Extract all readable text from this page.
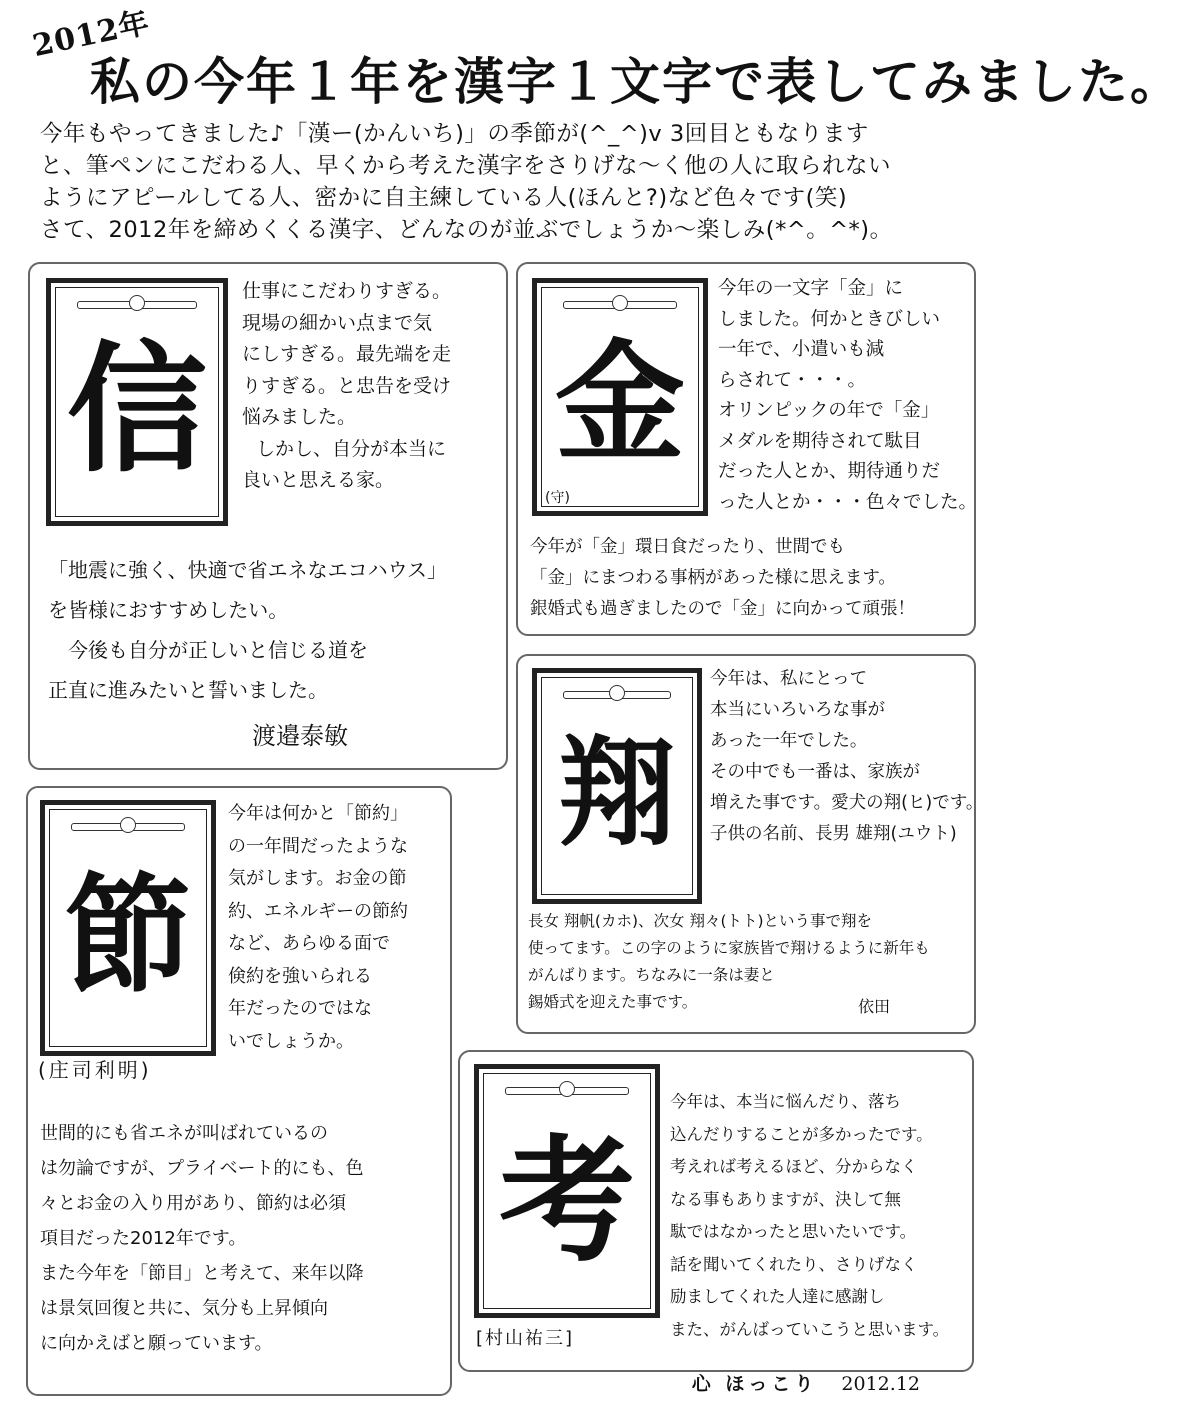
2012年
私の今年１年を漢字１文字で表してみました。
今年もやってきました♪「漢ー(かんいち)」の季節が(^_^)v 3回目ともなります
と、筆ペンにこだわる人、早くから考えた漢字をさりげな～く他の人に取られない
ようにアピールしてる人、密かに自主練している人(ほんと?)など色々です(笑)
さて、2012年を締めくくる漢字、どんなのが並ぶでしょうか～楽しみ(*^。^*)。
信
仕事にこだわりすぎる。
現場の細かい点まで気
にしすぎる。最先端を走
りすぎる。と忠告を受け
悩みました。
しかし、自分が本当に
良いと思える家。
「地震に強く、快適で省エネなエコハウス」
を皆様におすすめしたい。
今後も自分が正しいと信じる道を
正直に進みたいと誓いました。
渡邉泰敏
金
(守)
今年の一文字「金」に
しました。何かときびしい
一年で、小遣いも減
らされて・・・。
オリンピックの年で「金」
メダルを期待されて駄目
だった人とか、期待通りだ
った人とか・・・色々でした。
今年が「金」環日食だったり、世間でも
「金」にまつわる事柄があった様に思えます。
銀婚式も過ぎましたので「金」に向かって頑張！
翔
今年は、私にとって
本当にいろいろな事が
あった一年でした。
その中でも一番は、家族が
増えた事です。愛犬の翔(ヒ)です。
子供の名前、長男 雄翔(ユウト)
長女 翔帆(カホ)、次女 翔々(トト)という事で翔を
使ってます。この字のように家族皆で翔けるように新年も
がんばります。ちなみに一条は妻と
錫婚式を迎えた事です。	依田
節
(庄司利明)
今年は何かと「節約」
の一年間だったような
気がします。お金の節
約、エネルギーの節約
など、あらゆる面で
倹約を強いられる
年だったのではな
いでしょうか。
世間的にも省エネが叫ばれているの
は勿論ですが、プライベート的にも、色
々とお金の入り用があり、節約は必須
項目だった2012年です。
また今年を「節目」と考えて、来年以降
は景気回復と共に、気分も上昇傾向
に向かえばと願っています。
考
[村山祐三]
今年は、本当に悩んだり、落ち
込んだりすることが多かったです。
考えれば考えるほど、分からなく
なる事もありますが、決して無
駄ではなかったと思いたいです。
話を聞いてくれたり、さりげなく
励ましてくれた人達に感謝し
また、がんばっていこうと思います。
心 ほっこり 2012.12
